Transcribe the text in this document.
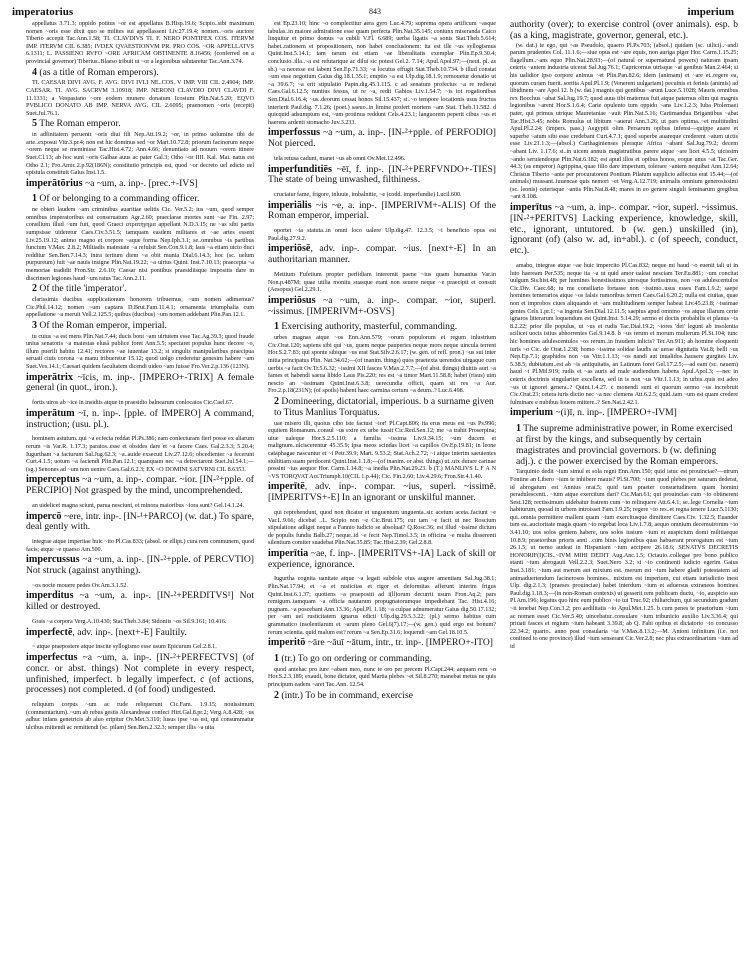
imperatorius	843	imperium
appellatus 3.71.3; oppido potitus ~or est appellatus B.Hisp.19.6; Scipio..sibi maximum nomen ~oris esse dixit quo se milites sui appellassent Liv.27.19.4; nomen..~oris auctore Tiberio accepit Tac.Ann.1.58; TI. CLAVDIVS TI. F. NERO PONTIFEX COS. ITERVM IMP. ITERVM CIL 6.385; IVDEX QVAESTIONVM PR. PRO COS. ~OR APPELLATVS 6.1311; L. PASSIENO RVFO ~ORE AFRICAM OBTINENTE 8.16456; (conferred on a provincial governor) Tiberius..Blaeso tribuit ut ~or a legionibus salutaretur Tac.Ann.3.74.
4 (as a title of Roman emperors).
TI. CAESAR DIVI AVG. F. AVG. DIVI IVLI NE..COS. V IMP. VIII CIL 2.4904; IMP. CAESAR. TI. AVG. SACRVM 3.10918; IMP. NERONI CLAVDIO DIVI CLAVDI F. 11.1331; a Vespasiano ~ore eodem munere donatum Icosium Plin.Nat.5.20; EQVO PVBLICO DONATO AB IMP. NERVA AVG. CIL 2.6095; praenomen ~oris (recepit) Suet.Jul.76.1.
5 The Roman emperor.
in adfinitatem peruenit ~oris diui fili Nep.Att.19.2; ~or, in primo uolumine tibi de arte..exposui Vitr.3.pr.4; non est hic dominus sed ~or Mart.10.72.8; priorum facinorum neque ~orem neque se meminisse Tac.Hist.4.72; Ann.4.66; denuntiato ad nouum ~orem itinere Suet.Cl.13; ab hoc sunt ~oris Galbae auus ac pater Gal.3; Otho ~or IIII. Kal. Mai. natus est Otho 2.1; Fro.Amic.2.p.92(186N); constitutio principis est, quod ~or decreto uel edicto uel epistula constituit Gaius Inst.1.5.
imperātōrius ~a ~um, a. inp-. [prec.+-IVS]
1 Of or belonging to a commanding officer.
ne obteri laudem ~am criminibus auaritiae uelitis Cic. Ver.5.2; ius ~um, quod semper omnibus imperatoribus est conseruatum Agr.2.60; praeclarae mortes sunt ~ae Fin. 2.97; consilium illud ~um fuit, quod Graeci στρατήγημα appellant N.D.3.15; ne ~as sibi partis sumpsisse uideretur Caes.Civ.3.51.5; tamquam easdem militares et ~ae artes essent Liv.25.19.12; animo magno et corpore ~aque forma Nep.Iph.3.1; se..omnibus ~is partibus functum V.Max. 2.8.2; Miltiadis maiestate ~a refulsit Sen.Con.9.1.8; laus ~a etiam uicto duci redditur Sen.Ben.7.14.3; intra tertium diem ~a obit munia Dial.6.14.3; hoc (sc. uelum purpureum) fuit ~ae nauis insigne Plin.Nat.19.22; ~a uirtus Quint. Inst.7.10.13; praecepta ~a memoriae tradidit Fron.Str. 2.6.10; Caesar nisi pontibus praesidiisque impositis dare in discrimen legiones haud ~um ratus Tac.Ann.2.11.
2 Of the title 'imperator'.
clarissimis ducibus supplicationum honorem tribuemus, ~um nomen adimemus? Cic.Phil.14.12; nomen ~um captans D.Brut.Fam.11.4.1; ornamenta triumphalia cum appellatione ~a meruit Vell.2.125.5; quibus (ducibus) ~um nomen addebant Plin.Pan.12.1.
3 Of the Roman emperor, imperial.
tu cuius ~a est mens Plin.Nat.7.44; ducis boni ~am uirtutem esse Tac.Ag.39.3; quod fraude unius senatoris ~a maiestas eluså publice foret Ann.5.5; spectaret populus hunc decore ~o, illum puerili habitu 12.41; rectores ~ae iuuentae 13.2; si singulis manipularibus praecipua seruati ciuis corona ~a manu tribueretur 15.12; quod uolgo crederetur genesim habere ~am Suet.Ves.14.1; Caesari quidem facultatem dicendi uideo ~am fuisse Fro.Ver.2.p.136 (123N).
imperātrix ~īcis, m. inp-. [IMPERO+-TRIX] A female general (in quot., iron.).
fortis uiros ab ~ice in insidiis atque in praesidio balnearum conlocatos Cic.Cael.67.
imperātum ~ī, n. inp-. [pple. of IMPERO] A command, instruction; (usu. pl.).
hominem astutum..qui ~a ecfecta reddat Pl.Ps.386; eam coniecturam fieri posse ex aliarum rerum ~is Var.R. 1.17.3; paratos..esse et obsides dare et ~a facere Caes. Gal.2.3.3; 5.20.4; Iugurtham ~a facturum Sal.Jug.62.3; ~a..auide exsecuti Liv.27.12.6; obcedienter ~a fecerunt Curt.4.1.5; uotum ~a faciendi Plin.Pan.12.1; quanquam nec ~a detrectarent Suet.Jul.54.1;—(sg.) Senones ad ~um non uenire Caes.Gal.6.2.3; EX ~O DOMINI SATVRNI CIL 8.6353.
imperceptus ~a ~um, a. inp-. compar. ~ior. [IN-²+pple. of PERCIPIO] Not grasped by the mind, uncomprehended.
an uidelicet magna sciunt, parua nesciunt, et minora maioribus ~iora sunt? Gel.14.1.24.
impercō ~ere, intr. inp-. [IN-¹+PARCO] (w. dat.) To spare, deal gently with.
integrae atque imperitae huic ~ito Pl.Cas.833; (absol. or ellipt.) cura rem communem, quod facis; atque ~e quaeso Am.500.
impercussus ~a ~um, a. inp-. [IN-²+pple. of PERCVTIO] Not struck (against anything).
~os nocte mouere pedes Ov.Am.3.1.52.
imperditus ~a ~um, a. inp-. [IN-²+PERDITVS¹] Not killed or destroyed.
Grais ~a corpora Verg.A.10.430; Stat.Theb.3.84; Sidoniis ~os Sil.9.161; 10.416.
imperfectē, adv. inp-. [next+-E] Faultily.
~ atque praepostere atque inscite syllogismo esse usum Epicurum Gel.2.8.1.
imperfectus ~a ~um, a. inp-. [IN-²+PERFECTVS] (of concr. or abst. things) Not complete in every respect, unfinished, imperfect. b legally imperfect. c (of actions, processes) not completed. d (of food) undigested.
reliquum corpus ~um ac rude reliquerunt Cic.Fam. 1.9.15; nouissimum (commentarium)..~um ab rebus gestis Alexandreae confeci Hirt.Gal.8.pr.2; Verg.A.8.428; ~us adhuc infans genetricis ab aluo eripitur Ov.Met.3.310; lusus ipse ~us est, qui consummatur ulcibus mittendi ac remittendi (sc. pilam) Sen.Ben.2.32.3; semper illis ~a uita
est Ep.23.10; hinc ~o complectitur aera gyro Luc.4.79; suprema opera artificum ~asque tabulas..in maiore admiratione esse quam perfecta Plin.Nat.35.145; coniunx miseranda Caico linquitur et primo domus ~a cubili V.Fl. 6.689; uerba ligatis ~a sonis Stat.Theb.5.614; habet..rationem et propositionem, non habet conclusionem: ita est ille ~us syllogismus Quint.Inst.5.14.1; tam rarum est etiam ~ae liberalitatis exemplar Plin.Ep.9.30.4; conclusio..illa..~a est refutarique ac dilui sic potest Gel.2. 7.14; Apul.Apol.97;—(neut. pl. as sb.) ~a necesse est labent Sen.Ep.71.33; ~a locutus effugit Stat.Theb.10.734. b illud constat ~um esse negotium Gaius dig.18.1.35.1; emptio ~a est Ulp.dig.18.1.9; remouetur donatio ut ~a 39.6.7; ~a erit stipulatio Papin.dig.45.1.115. c ad senatum profectus ~a re redierat Caes.Gal.6.12.5; nuntius fessus, ut re ~a, redit Gabios Liv.1.54.7; ~is tot rogationibus Sen.Dial.6.16.4; ~us..deorum cessat honos Sil.15.437; si..~o tempore locationis usus fructus interierit Paul.dig. 7.1.26; (poet.) saeuo..in limine profert mortem ~am Stat. Theb.11.582. d quicquid adsumptum est, ~um protinus reddunt Cels.4.23.1; languorem peperit cibus ~us et haerens ardenti stomacho Juv.3.233.
imperfossus ~a ~um, a. inp-. [IN-²+pple. of PERFODIO] Not pierced.
tela retusa cadunt, manet ~us ab omni Ov.Met.12.496.
imperfunditiēs ~ēī, f. inp-. [IN-²+PERFVNDO+-TIES] The state of being unwashed, filthiness.
cruciatur fame, frigore, inluuie, imbalnitie, ~e (codd. imperfundie) Lucil.600.
imperiālis ~is ~e, a. inp-. [IMPERIVM+-ALIS] Of the Roman emperor, imperial.
oportet ~ia statuta..in omni loco ualere Ulp.dig.47. 12.3.5; ~i beneficio opus est Paul.dig.27.9.2.
imperiōsē, adv. inp-. compar. ~ius. [next+-E] In an authoritarian manner.
Mettium Fufetium propter perfidiam interemit paene ~ius quam humanius Var.in Non.p.487M; quae utilia monitu suasque erant non seuere neque ~e praecipit et consuit (Aesopus) Gel.2.29.1.
imperiōsus ~a ~um, a. inp-. compar. ~ior, superl. ~issimus. [IMPERIVM+-OSVS]
1 Exercising authority, masterful, commanding.
urbes magnas atque ~os Enn.Ann.579; ~orum populorum et regum inlustrium Cic.Orat.120; sapiens sibi qui ~us, quem neque pauperies neque mors neque uincula terrent Hor.S.2.7.83; qui sponte sibique ~us erat Stat.Silv.2.6.17; (w. gen. of refl. pron.) ~us sui inter initia principatus Plin. Nat.34.62;—(of inanim. things) quos praetexta uerendos uirgaque cum uerbis ~a facit Ov.Tr.5.6.32; ~issimi XII fasces V.Max.2.7.7;—(of abst. things) diuitiis auri ~a fames et habendi saeua libido Laus Pis.220; res est ~a timor Mart.11.58.8; habet (risus) uim nescio an ~issimam Quint.Inst.6.3.8; uerecundia officii, quam sit res ~a Aur. Fro.2.p.18(231N); (of spoils) habent haec carmina certum ~a deum..? Luc.6.498.
2 Domineering, dictatorial, imperious. b a surname given to Titus Manlius Torquatus.
uae misero illi, quoius cibo iste factust ~ior! Pl.Capt.806; ita erus meus est ~us Ps.996; equitem Romanum..consul ~us exire ex urbe iussit Cic.Red.Sen.12; me ~a trahit Proserpina; uiue ualeque Hor.S.2.5.110; a familia ~issima Liv.9.34.15; ~um ducem et malignum..ulciscerentur 45.35.9; ipsa meos scindas licet ~a capillos Ov.Ep.19.81; in leone cataphagae nascuntur et ~i Petr.39.9; Mart. 9.53.2; Stat.Ach.2.72; ~i atque interim saeuientes stultitiam suam perdocent Quint.Inst.1.1.8;—(of inanim. or abst. things) ut..uix durare carinae possint ~ius aequor Hor. Carm.1.14.8; ~a inedia Plin.Nat.29.23. b (T.) MANLIVS L F A N ~VS TORQVAT Act.Triumph.10(CIL 1.p.44); Cic. Fin.2.60; Liv.4.29.6; Fron.Str.4.1.40.
imperītē, adv. inp-. compar. ~ius, superl. ~issimē. [IMPERITVS+-E] In an ignorant or unskilful manner.
qui reprehendunt, quod non dicatur et unguentum unguenta..sic acetum aceta..faciunt ~e Var.L.9.66; dicebat ..L. Scipio non ~e Cic.Brut.175; cur tam ~e facit ut nec Roscium stipulatione adliget neque a Fannio iudicio se absoluat? Q.Rosc.36; est illud ~issime dictum de populis fundis Balb.27; neque..id ~e fecit Nep.Timol.3.5; in officina ~e multa disserenti silentium comiter suadebat Plin.Nat.35.85; Tac.Hist.2.39; Gel.2.8.8.
imperītia ~ae, f. inp-. [IMPERITVS+-IA] Lack of skill or experience, ignorance.
Iugurtha cognita uanitate atque ~a legati subdole eius augere amentiam Sal.Jug.38.1; Plin.Nat.17.94; et ~a et rusticitas et rigor et deformitas afferunt interim frigus Quint.Inst.6.1.37; quotiens ~a praepositi ad i(ll)orum decurrit usum Fron.Aq.2; pars remigum..tamquam ~a officia nautarum propugnatorumque impediebant Tac. Hist.4.16; pugnam..~a poscebant Ann.13.36; Apul.Pl. 1.18; ~a culpae adnumeratur Gaius dig.50.17.132; per ~am uel rusticitatem ignarus edicti Ulp.dig.29.5.3.22; (pl.) sermo habitus cum grammatico insolentiarum et ~arum pleno Gel.6(7).17;—(w. gen.) quid ergo est bonum? rerum scientia. quid malum est? rerum ~a Sen.Ep.31.6; loquendi ~am Gel.18.10.5.
imperitō ~āre ~āuī ~ātum, intr., tr. inp-. [IMPERO+-ITO]
1 (tr.) To go on ordering or commanding.
quod antehac pro iure ~abam meo, nunc te oro per precem Pl.Capt.244; aequam rem ~o Hor.S.2.3.189; exaudi, bone dictator, quid Martia plebes ~et Sil.8.270; manebat metus ne quis principum eadem ~aret Tac.Ann. 12.54.
2 (intr.) To be in command, exercise
authority (over); to exercise control (over animals). esp. b (as a king, magistrate, governor, general, etc.).
(w. dat.) te ego, qui ~as Pseudolo, quaero Pl.Ps.703; (absol.) quidam (sc. uilici)..~andi parum prudentes Col. 11.1.6;—siue opus est ~are equis, non auriga piger Hor. Carm.1.15.25; flagellum..~ans equo Plin.Nat.28.93;—(of natural or supernatural powers) naturam ipsam ceteris ~antem industria uicerat Sal.Jug.76.1; Capricornus utrisque ~at genibus Man.2.464; si his ualidior ipso corpore animus ~et Plin.Pan.82.6; idem (animam) et ~are et..regere ea, quorum curam fuerit..sortita Apul.Pl.1.9; (Venerem uulgariam) pecuinis et ferinis (animis) ad libidinem ~are Apol.12. b (w. dat.) magnis qui gentibus ~arunt Luce.5.1028; Mauris omnibus rex Bocchus ~abat Sal.Jug.19.7; quod auus tibi maternus fuit atque paternus olim qui magnis legionibus ~arent Hor.S.1.6.4; Carie opulento tum oppido ~ans Liv.1.2.3; Iuba Ptolemaei pater, qui primus utrique Mauretaniae ~auit Plin.Nat.5.16; Cartimandua Brigantibus ~abat Tac.Hist.3.45; nobis Romulus ut libitum ~auerat Ann.3.26; ut pars optima..~et multitudini Apul.Pl.2.24; (impers. pass.) Aegyptii olim Persarum opibus infensi—quippe auare et superbe ~atum sibi esse credebant Curt.4.7.1; quod superbe auareque crederent ~atum uictis esse Liv.21.1.3;—(absol.) Carthaginienses pleraque Africa ~abant Sal.Jug.79.2; decem ~abant Liv. 1.17.6; si..in uicem annuis magistratibus parere atque ~are licet 4.5.5; uicissim ~ando seruiendoque Plin.Nat.6.182; est apud illos et opibus honos, eoque unus ~at Tac.Ger. 44.3; (as emperor) Agrippina, quae filio dare imperium, tolerare ~antem nequibat Ann.12.64; Christus Tiberio ~ante per procuratorem Pontium Pilatum supplicio adfectus erat 15.44;—(of animals) mussant..iuuencae quis nemori ~et Verg.A.12.719; animalis omnium generosissimi (sc. leonis) ceterisque ~antis Plin.Nat.8.48; mares in eo genere singuli feminarum gregibus ~ant 8.108.
imperītus ~a ~um, a. inp-. compar. ~ior, superl. ~issimus. [IN-²+PERITVS] Lacking experience, knowledge, skill, etc., ignorant, untutored. b (w. gen.) unskilled (in), ignorant (of) (also w. ad, in+abl.). c (of speech, conduct, etc.).
amabo, integrae atque ~ae huic impercito Pl.Cas.832; neque mi haud ~o euenit tali ut in luto haeream Per.535; neque ita ~a ut quid amor ualeat nesciam Ter.Eu.881; ~um concitat uulgum Sis.hist.48; per homines honestissimos uirosque fortissimos, non ~os adulescentulos Cic.Div. Caec.68; tu me consiliario fortasse non ~issimo..usus esses Fam.1.9.2; saepe homines temerarios atque ~os falsis rumoribus terreri Caes.Gal.6.20.2; nulla est ciuitas, quae non et improbos ciues aliquando et ~am multitudinem semper habeat Liv.45.23.8; ~issimae gentes Cels.1.pr.1; ~a ingenia Sen.Dial.12.11.5; saepius apud omnino ~os atque illarum certe ignaros litterarum loquendum est Quint.Inst. 5.14.29; sermo et doctis probabilis et planus ~is 8.2.22; prior ille populus, ut ~us et rudis Tac.Dial.19.2; ~iores 'dei' legunt ab insolentia scilicet uocis istius abhorrentes Gel.9.14.8. b ~us rerum et morum mulierum Pl.St.104; tunc hic homines adulescentulos ~os rerum..in fraudem inlicis? Ter.An.911; ab homine eloquenti iuris ~o Cic. de Orat.1.238; homo ~issime solidae laudis ac uerae dignitatis Vat.8; belli ~us Nep.Ep.7.1; graphidos non ~us Vitr.1.1.13; ~os nandi aut inualidos..hausere gurgites Liv. 5.38.5; dubitatum..est ab ~is antiquitatis, an Latinum foret Gel.17.2.5;—ad eam (sc. nauem) haud ~i Pl.Mil.919; rudis et ~as auris ad male audiendum habens Apul.Apol.3; —nec in ceteris doctrinis singulariter excellens, sed in is non ~us Vitr.1.1.13; in urbis..quis est adeo ~us ut ignoret genera..? Quint.1.4.27. c monendi sunt ei quorum sermo ~us increbruit Cic.Orat.23; cetera iuris dictio nec ~a nec clemens Att.6.2.5; quid..tam ~um est quam credere fulminare e nubibus Iouem mittere..? Sen.Nat.2.42.1.
imperium ~(i)ī, n. inp-. [IMPERO+-IVM]
1 The supreme administrative power, in Rome exercised at first by the kings, and subsequently by certain magistrates and provincial governors. b (w. defining adj.). c the power exercised by the Roman emperors.
Tarquinio dedit ~ium simul et sola regni Enn.Ann.150; quid istuc est prouinciae?—utrum Fontine an Libero ~ium te inhibere mauis? Pl.St.700; ~ium quod plebes per saturam dederat, id abrogatum est Annius orat.5; quid tam praeter consuetudinem quam homini peradulescenti.. ~ium atque exercitum dari? Cic.Man.61; qui prouincias cum ~io obtinerent Sest.128; rectissimum uidebatur fratrem cum ~io relinquere Att.6.4.1; se..lege Cornelia ~ium habiturum, quoad in urbem introisset Fam.1.9.25; regere ~io res..et regna tenere Lucr.5.1130; qui..omnia permittere mallent quam ~ium exercitusque dimittere Caes.Civ. 1.32.5; Euander tum ea..auctoritate magis quam ~io regebat loca Liv.1.7.8; aequo omnium decemuirorum ~io 3.41.10; uos solos gentem habere, uos solos iustum ~ium et auspicium domi militiaeque 10.8.9; praetoribus prioris anni ..cum binis legionibus quas habuerant prorogatum est ~ium 26.1.5; ut nemo audeat in Hispaniam ~ium accipere 26.18.6; SENATVS DECRETIS HONORIF(I)CIS..~IVM MIHI DEDIT Aug.Anc.1.5; Octauio..collegae pro bono publico stanti ~ium abrogauit Vell.2.2.3; Suet.Nero 3.2; si ~io continenti iudicio egerim Gaius Inst.3.181; ~ium aut merum aut mixtum est. merum est ~ium habere gladii potestatem ad animaduertendum facinerosos homines.. mixtum est imperium, cui etiam iurisdictio inest Ulp. dig.2.1.3; (praeses prouinciae) habet interdum ~ium et aduersus extraneos homines Paul.dig.1.18.3;—(in non-Roman contexts) ut gesserit rem publicam ductu, ~io, auspicio suo Pl.Am.196; legatus quo hinc eum publico ~io tui Truc.92; chiliarchum, qui secundum gradum ~ii tenebat Nep.Con.3.2; pro aedilitatis ~io Apul.Met.1.25. b cum penes te praetorium ~ium ac nomen esset Cic.Ver.5.40; uincebatur..consulare ~ium tribunicio auxilio Liv.3.36.4; qui priuati fasces et regium ~ium habeant 3.39.8; ab Q. Fabi opibus et dictatorio ~io concusso 22.34.2; quarto.. anno post consularia ~ia V.Max.8.13.2;—M. Antoni infinitum (i.e. not confined to one province) illud ~ium senserant Cic.Ver.2.8; nec plus extraordinarium ~ium ad id
